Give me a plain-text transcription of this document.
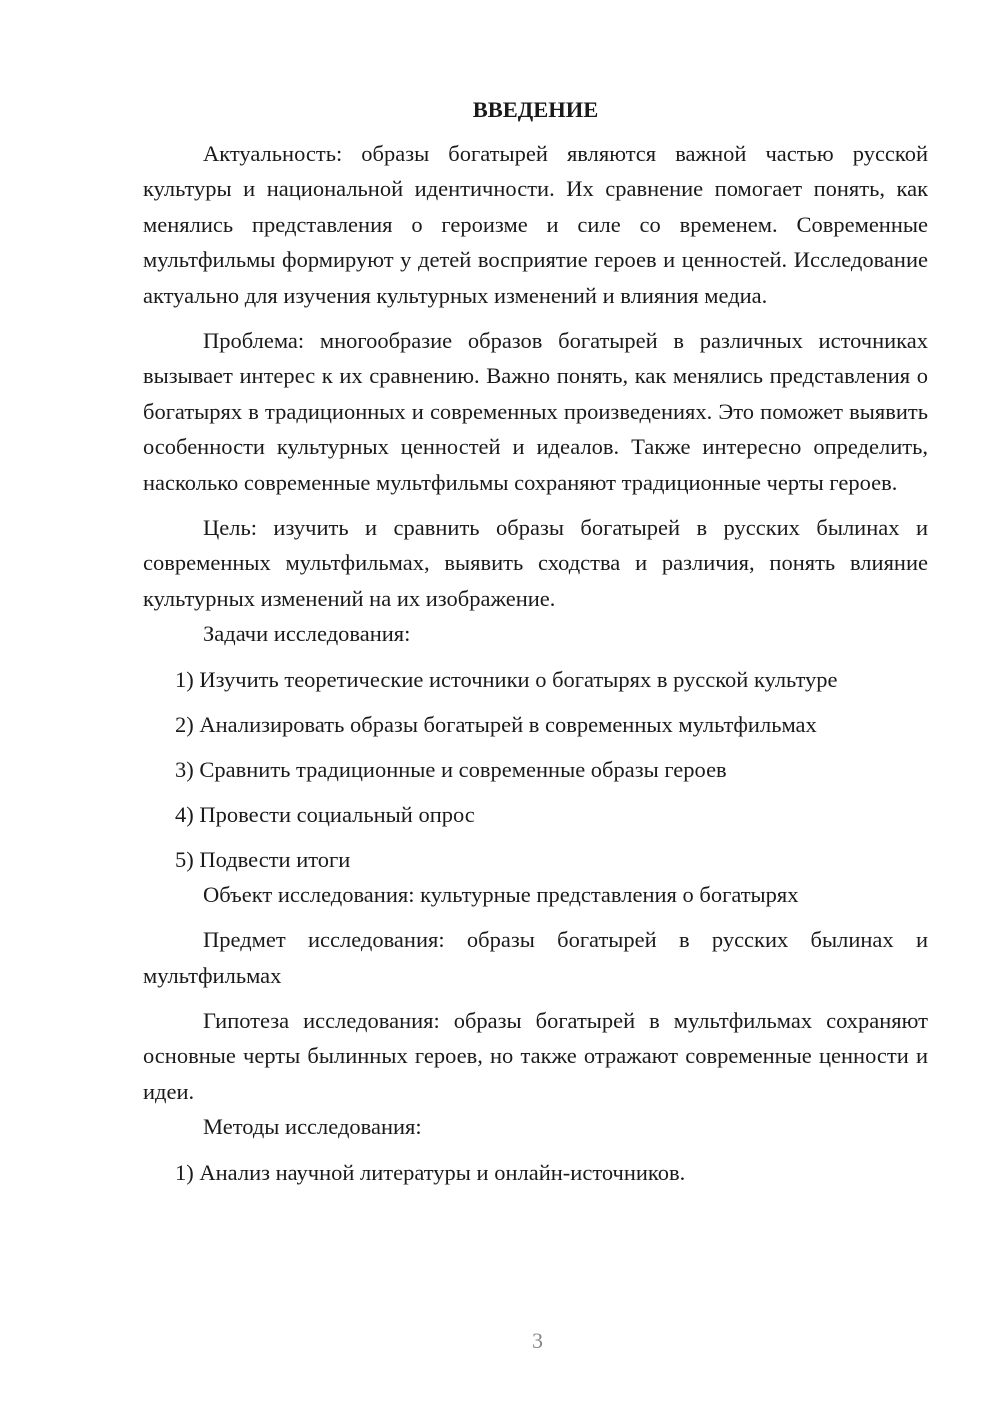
ВВЕДЕНИЕ

Актуальность: образы богатырей являются важной частью русской культуры и национальной идентичности. Их сравнение помогает понять, как менялись представления о героизме и силе со временем. Современные мультфильмы формируют у детей восприятие героев и ценностей. Исследование актуально для изучения культурных изменений и влияния медиа.

Проблема: многообразие образов богатырей в различных источниках вызывает интерес к их сравнению. Важно понять, как менялись представления о богатырях в традиционных и современных произведениях. Это поможет выявить особенности культурных ценностей и идеалов. Также интересно определить, насколько современные мультфильмы сохраняют традиционные черты героев.

Цель: изучить и сравнить образы богатырей в русских былинах и современных мультфильмах, выявить сходства и различия, понять влияние культурных изменений на их изображение.

Задачи исследования:

1) Изучить теоретические источники о богатырях в русской культуре

2) Анализировать образы богатырей в современных мультфильмах

3) Сравнить традиционные и современные образы героев

4) Провести социальный опрос

5) Подвести итоги

Объект исследования: культурные представления о богатырях

Предмет исследования: образы богатырей в русских былинах и мультфильмах

Гипотеза исследования: образы богатырей в мультфильмах сохраняют основные черты былинных героев, но также отражают современные ценности и идеи.

Методы исследования:

1) Анализ научной литературы и онлайн-источников.

3
